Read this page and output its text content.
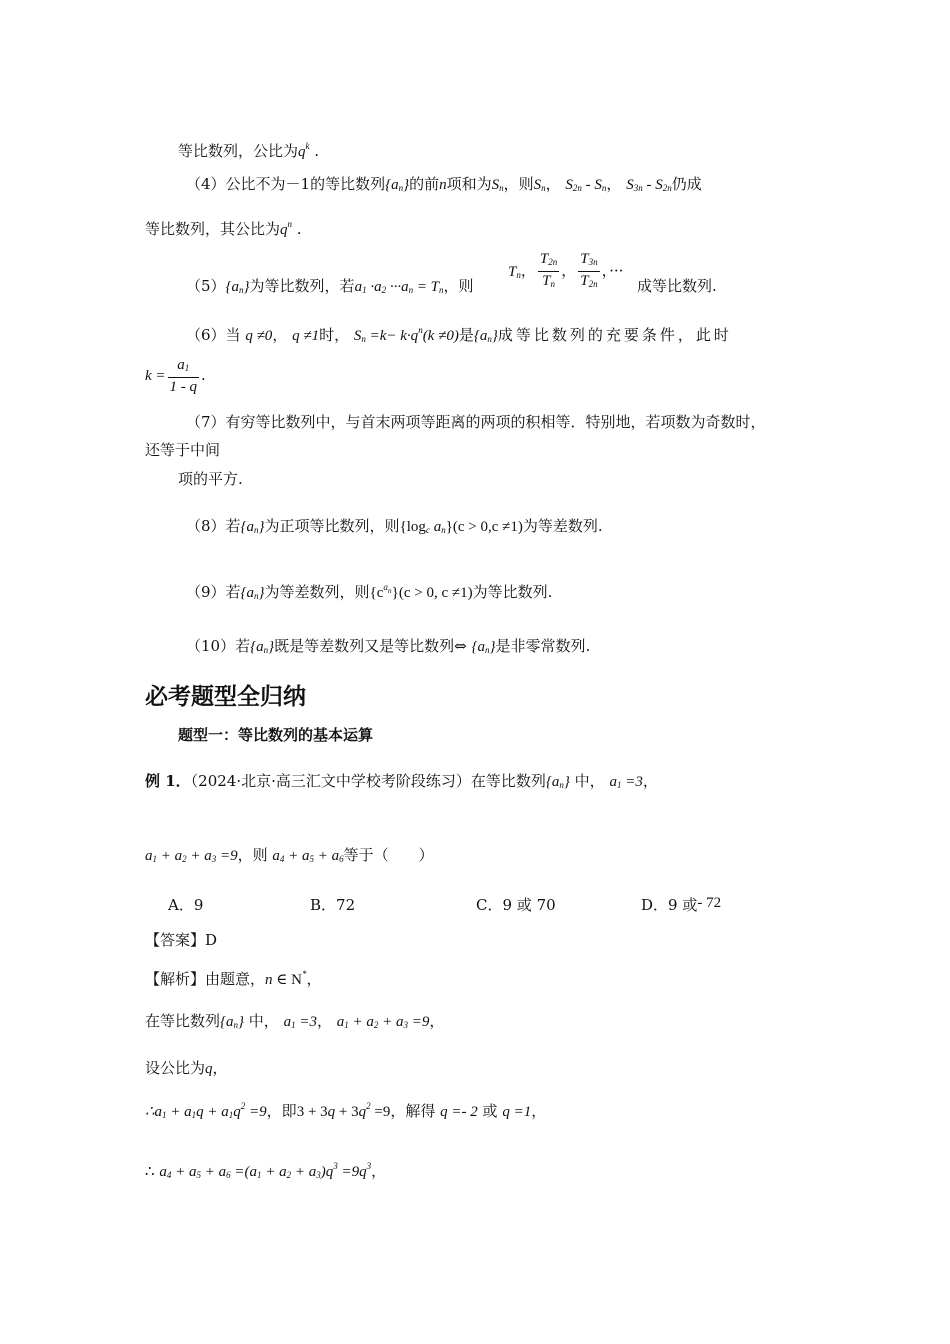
等比数列，公比为$q^k$ .
（4）公比不为－1的等比数列{an}的前n项和为Sn，则Sn， S2n - Sn， S3n - S2n仍成
等比数列，其公比为$q^n$ .
（5）{an}为等比数列，若a1 ·a2 ···an = Tn，则
Tn， $\frac{T2n}{Tn}$ ， $\frac{T3n}{T2n}$ ，···
成等比数列.
（6）当 q ≠0， q ≠1时， $Sn =k- k\cdot q^n(k \ne 0)$是{an}成等比数列的充要条件，此时
$k = \frac{a1}{1 - q}$ .
（7）有穷等比数列中，与首末两项等距离的两项的积相等．特别地，若项数为奇数时，
还等于中间
项的平方.
（8）若{an}为正项等比数列，则{logc an}(c > 0,c ≠1)为等差数列.
（9）若{an}为等差数列，则$\{c^{a_n}\}(c > 0$, c ≠1)为等比数列.
（10）若{an}既是等差数列又是等比数列⇔ {an}是非零常数列.
必考题型全归纳
题型一：等比数列的基本运算
例 1．（2024·北京·高三汇文中学校考阶段练习）在等比数列{an} 中， a1 =3，
a1 + a2 + a3 =9，则 a4 + a5 + a6等于（　　）
A．9	B．72	C．9 或 70	D．9 或- 72
【答案】D
【解析】由题意，n ∈ N*，
在等比数列{an} 中， a1 =3， a1 + a2 + a3 =9，
设公比为q，
∴a1 + $a1q + a1q^2 =9$，即$3 + 3q + 3q^2 =9$，解得 q =- 2 或 q =1，
∴ $a4 + a5 + a6 =(a1 + a2 + a3)q^3 =9q^3$，
